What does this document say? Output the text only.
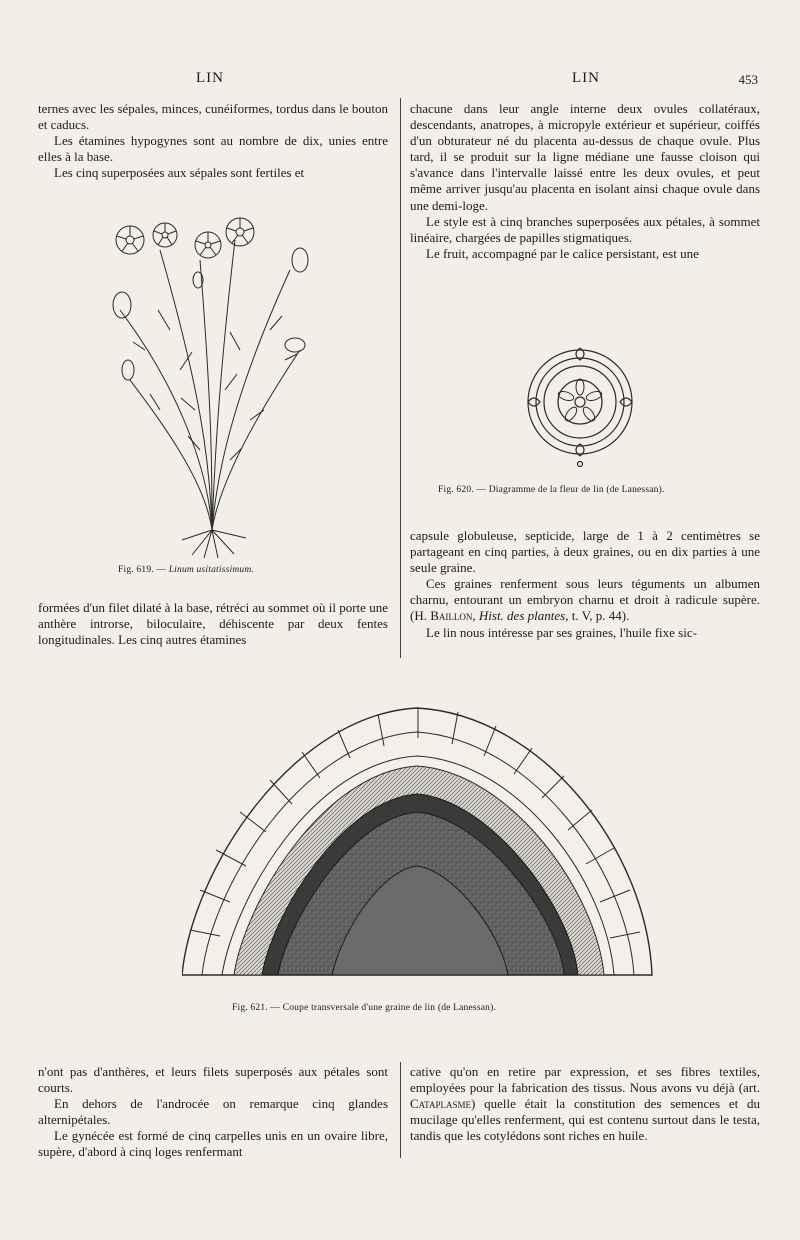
LIN	LIN	453

ternes avec les sépales, minces, cunéiformes, tordus dans le bouton et caducs.

Les étamines hypogynes sont au nombre de dix, unies entre elles à la base.

Les cinq superposées aux sépales sont fertiles et

Fig. 619. — Linum usitatissimum.

formées d'un filet dilaté à la base, rétréci au sommet où il porte une anthère introrse, biloculaire, déhiscente par deux fentes longitudinales. Les cinq autres étamines

chacune dans leur angle interne deux ovules collatéraux, descendants, anatropes, à micropyle extérieur et supérieur, coiffés d'un obturateur né du placenta au-dessus de chaque ovule. Plus tard, il se produit sur la ligne médiane une fausse cloison qui s'avance dans l'intervalle laissé entre les deux ovules, et peut même arriver jusqu'au placenta en isolant ainsi chaque ovule dans une demi-loge.

Le style est à cinq branches superposées aux pétales, à sommet linéaire, chargées de papilles stigmatiques.

Le fruit, accompagné par le calice persistant, est une

Fig. 620. — Diagramme de la fleur de lin (de Lanessan).

capsule globuleuse, septicide, large de 1 à 2 centimètres se partageant en cinq parties, à deux graines, ou en dix parties à une seule graine.

Ces graines renferment sous leurs téguments un albumen charnu, entourant un embryon charnu et droit à radicule supère. (H. Baillon, Hist. des plantes, t. V, p. 44).

Le lin nous intéresse par ses graines, l'huile fixe sic-

Fig. 621. — Coupe transversale d'une graine de lin (de Lanessan).

n'ont pas d'anthères, et leurs filets superposés aux pétales sont courts.

En dehors de l'androcée on remarque cinq glandes alternipétales.

Le gynécée est formé de cinq carpelles unis en un ovaire libre, supère, d'abord à cinq loges renfermant

cative qu'on en retire par expression, et ses fibres textiles, employées pour la fabrication des tissus. Nous avons vu déjà (art. Cataplasme) quelle était la constitution des semences et du mucilage qu'elles renferment, qui est contenu surtout dans le testa, tandis que les cotylédons sont riches en huile.
